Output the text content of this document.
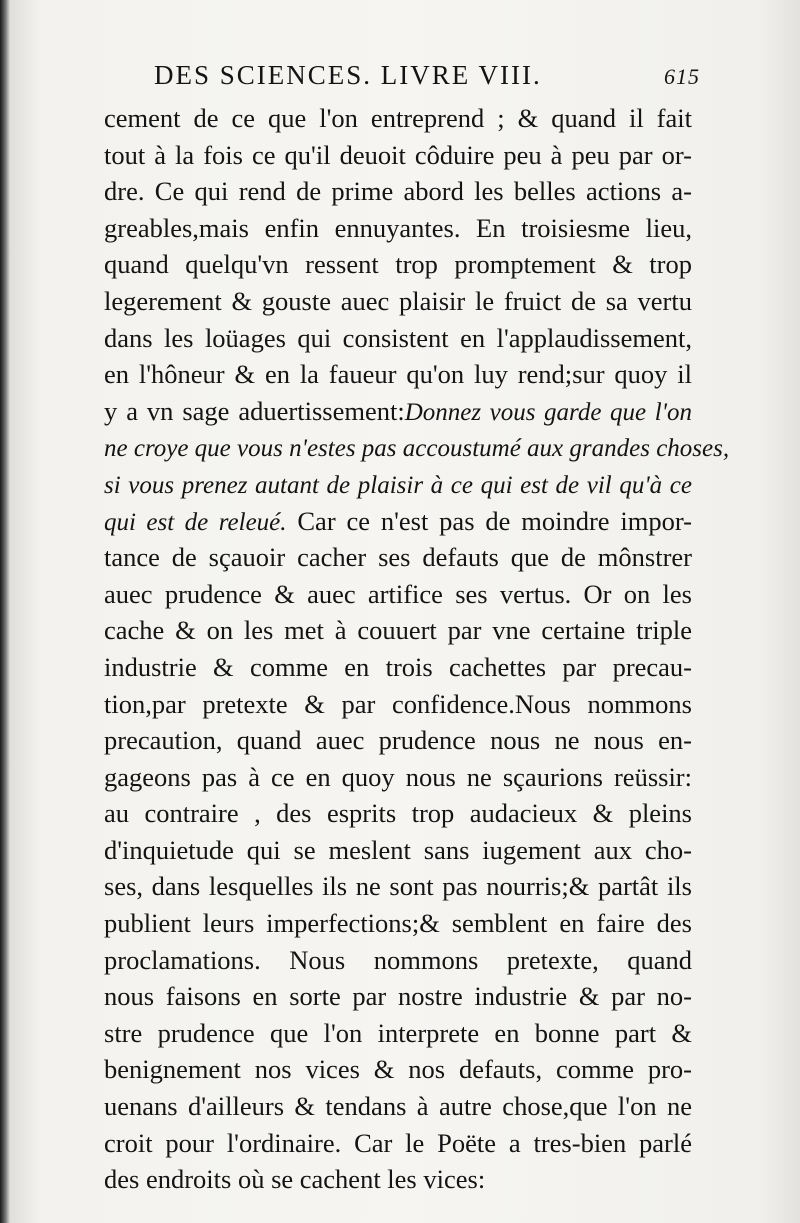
DES SCIENCES. LIVRE VIII.	615
cement de ce que l'on entreprend ; & quand il fait
tout à la fois ce qu'il deuoit côduire peu à peu par or-
dre. Ce qui rend de prime abord les belles actions a-
greables,mais enfin ennuyantes. En troisiesme lieu,
quand quelqu'vn ressent trop promptement & trop
legerement & gouste auec plaisir le fruict de sa vertu
dans les loüages qui consistent en l'applaudissement,
en l'hôneur & en la faueur qu'on luy rend;sur quoy il
y a vn sage aduertissement:Donnez vous garde que l'on
ne croye que vous n'estes pas accoustumé aux grandes choses,
si vous prenez autant de plaisir à ce qui est de vil qu'à ce
qui est de releué. Car ce n'est pas de moindre impor-
tance de sçauoir cacher ses defauts que de mônstrer
auec prudence & auec artifice ses vertus. Or on les
cache & on les met à couuert par vne certaine triple
industrie & comme en trois cachettes par precau-
tion,par pretexte & par confidence.Nous nommons
precaution, quand auec prudence nous ne nous en-
gageons pas à ce en quoy nous ne sçaurions reüssir:
au contraire , des esprits trop audacieux & pleins
d'inquietude qui se meslent sans iugement aux cho-
ses, dans lesquelles ils ne sont pas nourris;& partât ils
publient leurs imperfections;& semblent en faire des
proclamations. Nous nommons pretexte, quand
nous faisons en sorte par nostre industrie & par no-
stre prudence que l'on interprete en bonne part &
benignement nos vices & nos defauts, comme pro-
uenans d'ailleurs & tendans à autre chose,que l'on ne
croit pour l'ordinaire. Car le Poëte a tres-bien parlé
des endroits où se cachent les vices:
